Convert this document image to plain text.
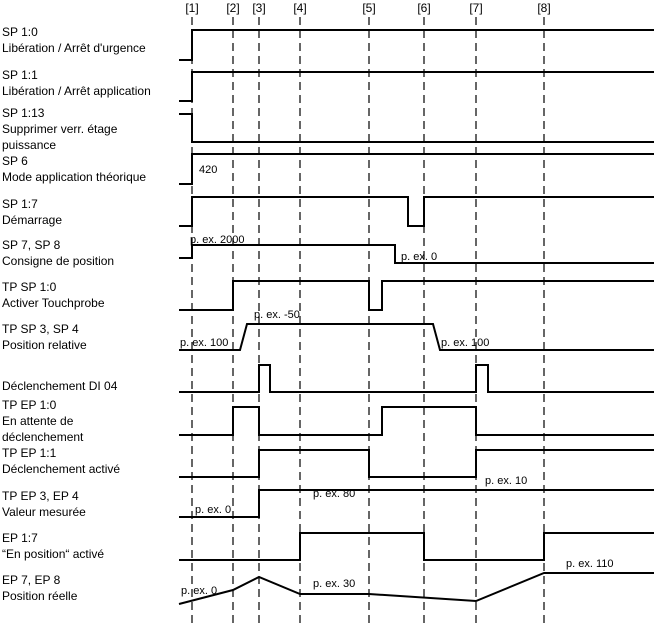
[1] [2] [3] [4]	[5]	[6]	[7]	[8]
SP 1:0 Libération / Arrêt d'urgence
SP 1:1 Libération / Arrêt application
SP 1:13 Supprimer verr. étage puissance
SP 6 Mode application théorique
SP 1:7 Démarrage
SP 7, SP 8 Consigne de position
TP SP 1:0 Activer Touchprobe
TP SP 3, SP 4 Position relative
Déclenchement DI 04
TP EP 1:0 En attente de déclenchement
TP EP 1:1 Déclenchement activé
TP EP 3, EP 4 Valeur mesurée
EP 1:7 “En position“ activé
EP 7, EP 8 Position réelle
420
p. ex. 2000
p. ex. 0
p. ex. 100
p. ex. -50
p. ex. 100
p. ex. 0
p. ex. 80
p. ex. 10
p. ex. 0
p. ex. 30
p. ex. 110
